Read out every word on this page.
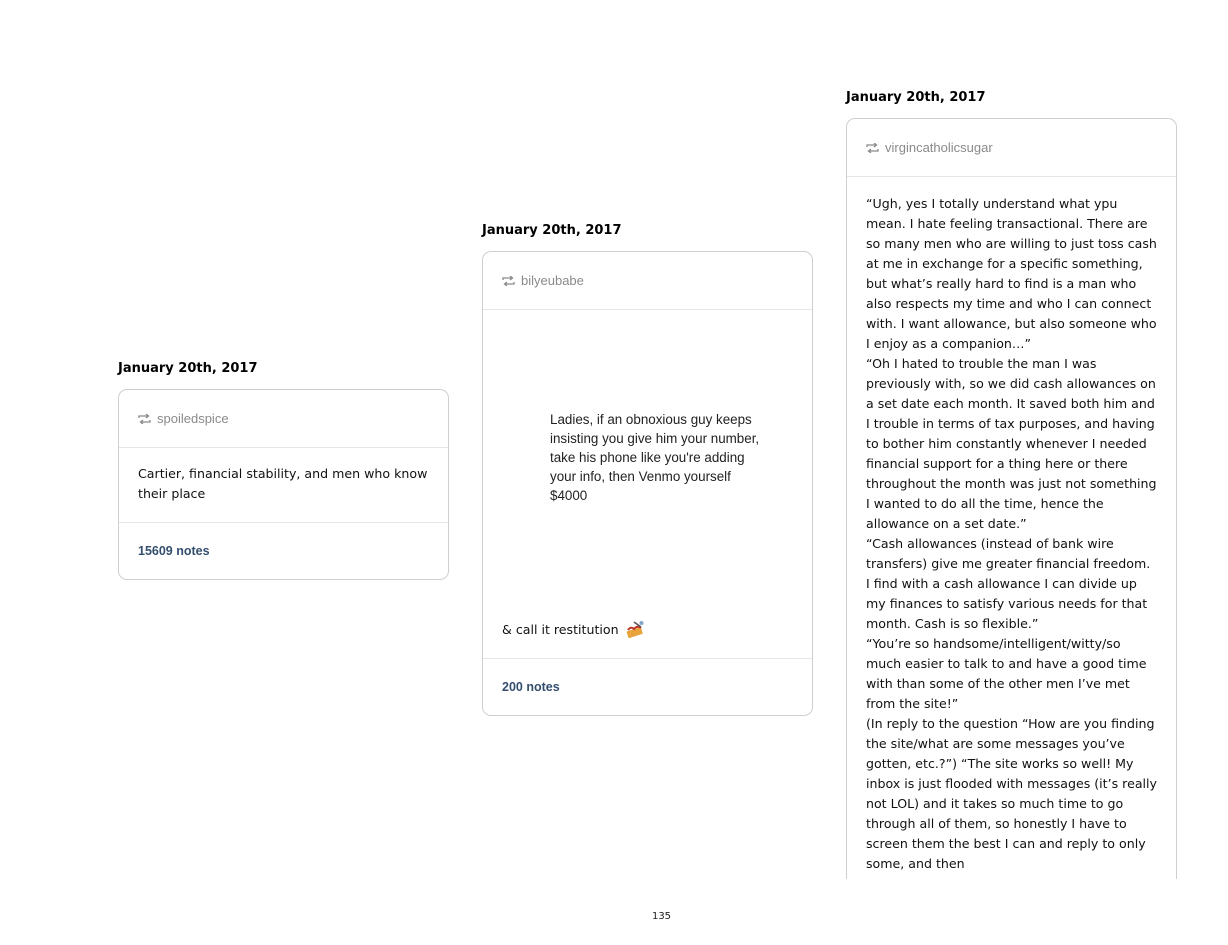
January 20th, 2017
spoiledspice
Cartier, financial stability, and men who know their place
15609 notes
January 20th, 2017
bilyeubabe
Ladies, if an obnoxious guy keeps insisting you give him your number, take his phone like you're adding your info, then Venmo yourself $4000
& call it restitution
200 notes
January 20th, 2017
virgincatholicsugar

“Ugh, yes I totally understand what ypu mean. I hate feeling transactional. There are so many men who are willing to just toss cash at me in exchange for a specific something, but what’s really hard to find is a man who also respects my time and who I can connect with. I want allowance, but also someone who I enjoy as a companion…”

“Oh I hated to trouble the man I was previously with, so we did cash allowances on a set date each month. It saved both him and I trouble in terms of tax purposes, and having to bother him constantly whenever I needed financial support for a thing here or there throughout the month was just not something I wanted to do all the time, hence the allowance on a set date.”

“Cash allowances (instead of bank wire transfers) give me greater financial freedom. I find with a cash allowance I can divide up my finances to satisfy various needs for that month. Cash is so flexible.”

“You’re so handsome/intelligent/witty/so much easier to talk to and have a good time with than some of the other men I’ve met from the site!”

(In reply to the question “How are you finding the site/what are some messages you’ve gotten, etc.?”) “The site works so well! My inbox is just flooded with messages (it’s really not LOL) and it takes so much time to go through all of them, so honestly I have to screen them the best I can and reply to only some, and then

135
